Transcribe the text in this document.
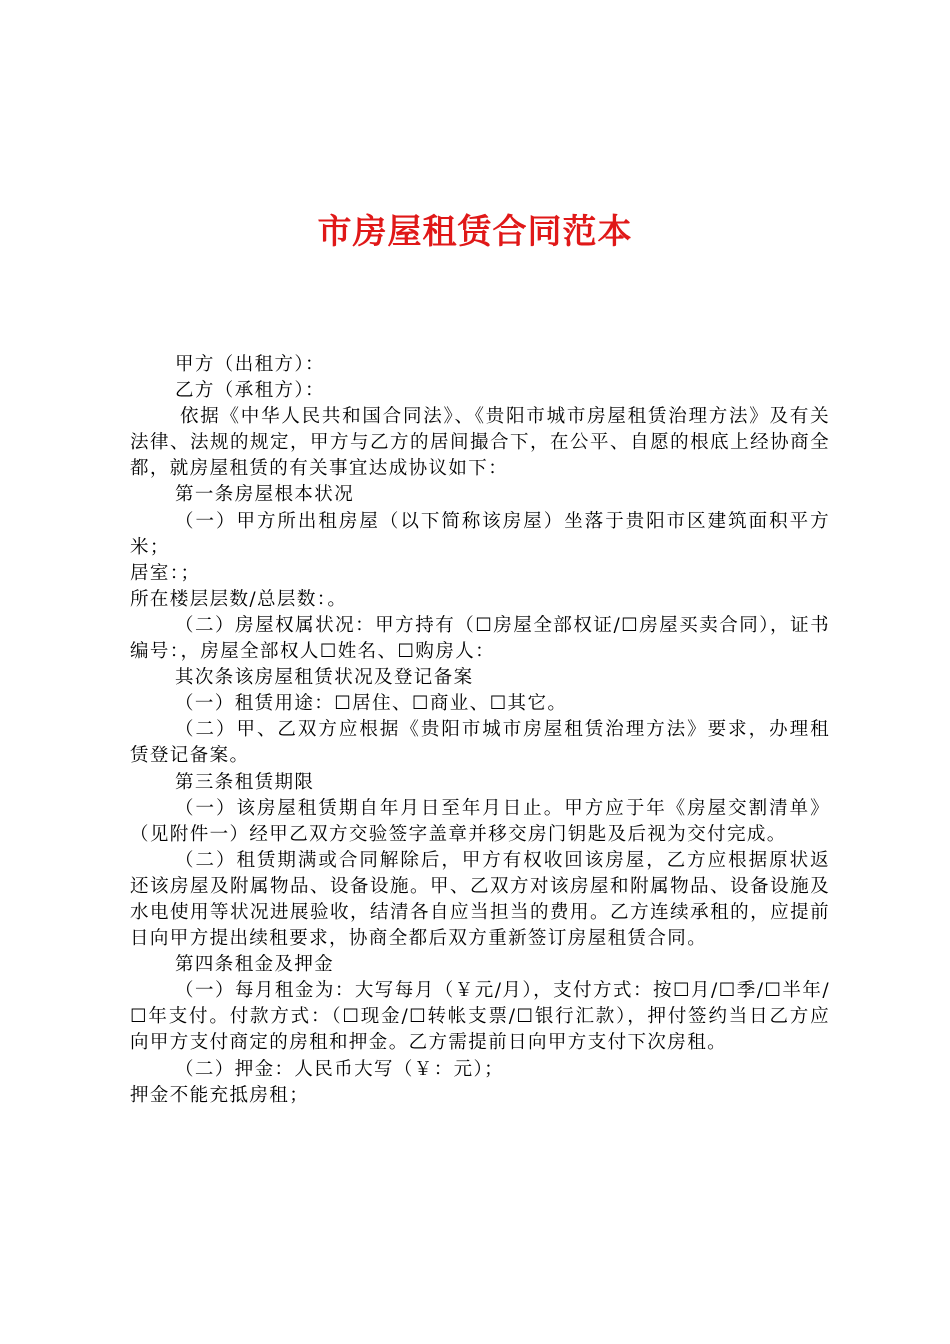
市房屋租赁合同范本

甲方（出租方）：

乙方（承租方）：

依据《中华人民共和国合同法》、《贵阳市城市房屋租赁治理方法》及有关法律、法规的规定，甲方与乙方的居间撮合下，在公平、自愿的根底上经协商全都，就房屋租赁的有关事宜达成协议如下：

第一条房屋根本状况

（一）甲方所出租房屋（以下简称该房屋）坐落于贵阳市区建筑面积平方米；

居室：；

所在楼层层数/总层数：。

（二）房屋权属状况：甲方持有（☐房屋全部权证/☐房屋买卖合同），证书编号：，房屋全部权人☐姓名、☐购房人：

其次条该房屋租赁状况及登记备案

（一）租赁用途：☐居住、☐商业、☐其它。

（二）甲、乙双方应根据《贵阳市城市房屋租赁治理方法》要求，办理租赁登记备案。

第三条租赁期限

（一）该房屋租赁期自年月日至年月日止。甲方应于年《房屋交割清单》（见附件一）经甲乙双方交验签字盖章并移交房门钥匙及后视为交付完成。

（二）租赁期满或合同解除后，甲方有权收回该房屋，乙方应根据原状返还该房屋及附属物品、设备设施。甲、乙双方对该房屋和附属物品、设备设施及水电使用等状况进展验收，结清各自应当担当的费用。乙方连续承租的，应提前日向甲方提出续租要求，协商全都后双方重新签订房屋租赁合同。

第四条租金及押金

（一）每月租金为：大写每月（￥元/月），支付方式：按☐月/☐季/☐半年/☐年支付。付款方式：（☐现金/☐转帐支票/☐银行汇款），押付签约当日乙方应向甲方支付商定的房租和押金。乙方需提前日向甲方支付下次房租。

（二）押金：人民币大写（￥：元）；

押金不能充抵房租；
